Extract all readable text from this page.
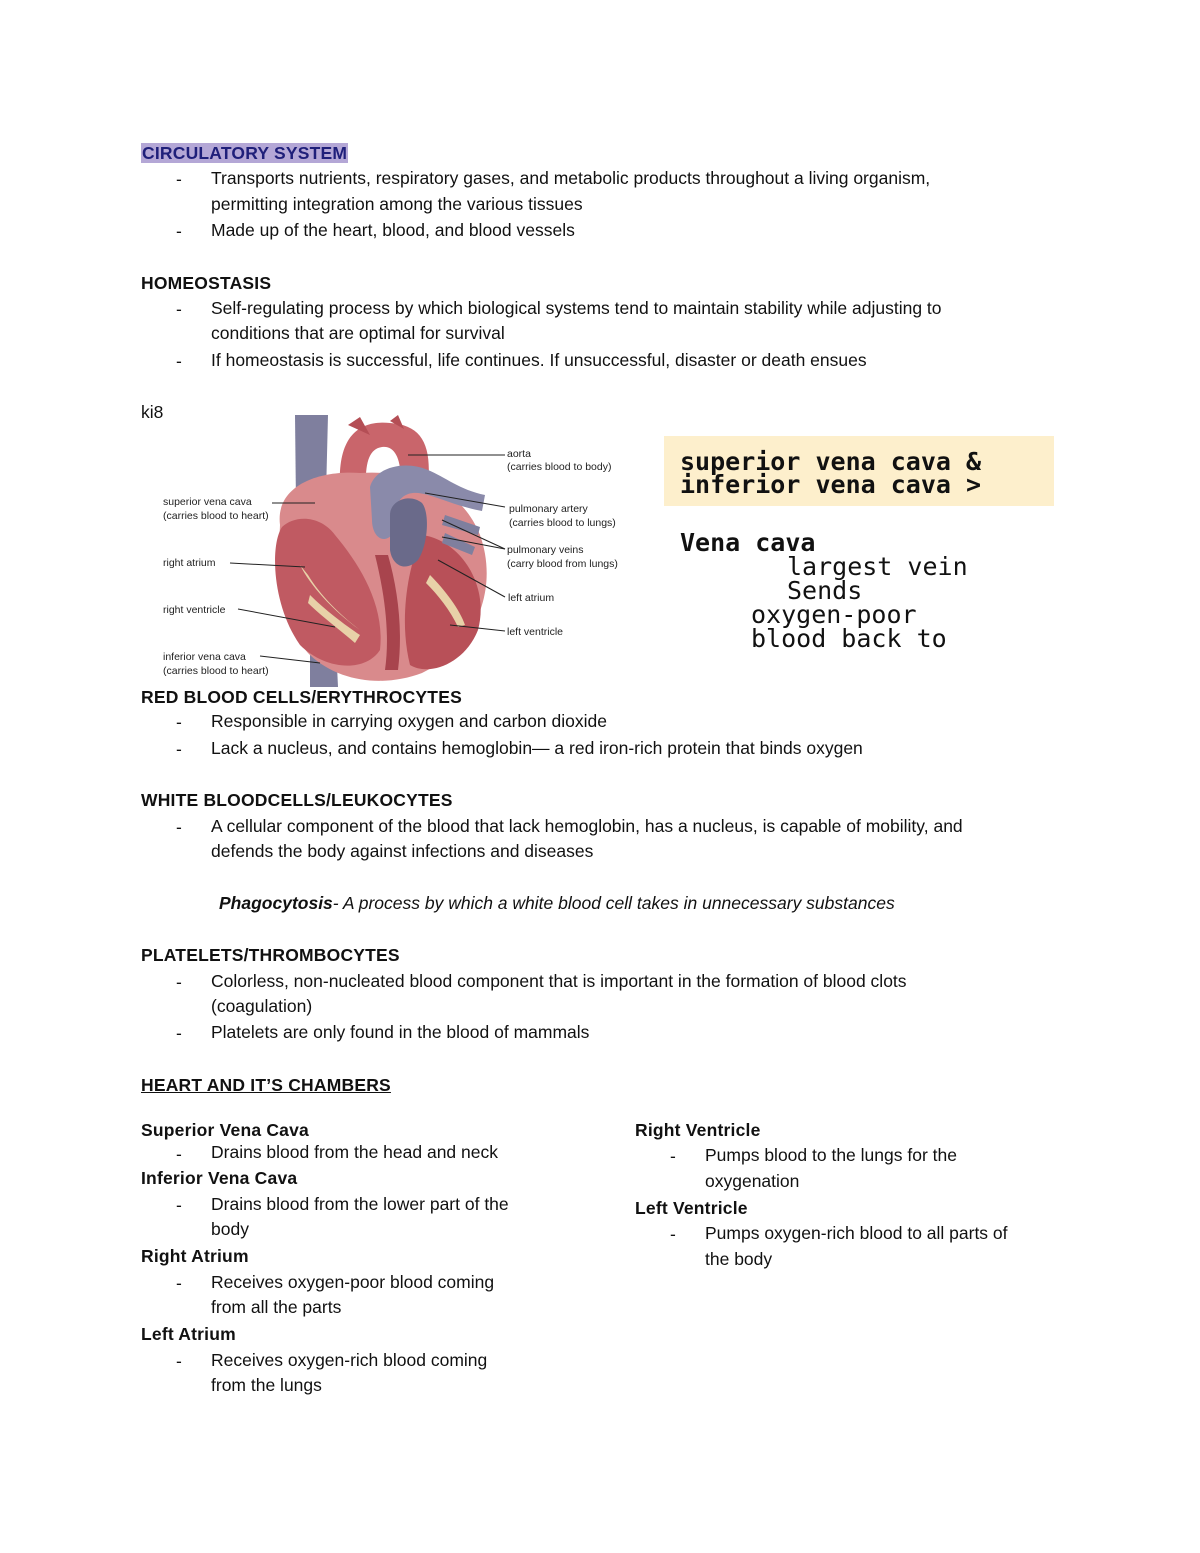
CIRCULATORY SYSTEM
- Transports nutrients, respiratory gases, and metabolic products throughout a living organism,
permitting integration among the various tissues
- Made up of the heart, blood, and blood vessels
HOMEOSTASIS
- Self-regulating process by which biological systems tend to maintain stability while adjusting to
conditions that are optimal for survival
- If homeostasis is successful, life continues. If unsuccessful, disaster or death ensues
ki8
aorta
(carries blood to body)
superior vena cava
(carries blood to heart)
pulmonary artery
(carries blood to lungs)
pulmonary veins
(carry blood from lungs)
right atrium
left atrium
right ventricle
left ventricle
inferior vena cava
(carries blood to heart)
superior vena cava &
inferior vena cava >
Vena cava
largest vein
Sends
oxygen-poor
blood back to
RED BLOOD CELLS/ERYTHROCYTES
- Responsible in carrying oxygen and carbon dioxide
- Lack a nucleus, and contains hemoglobin— a red iron-rich protein that binds oxygen
WHITE BLOODCELLS/LEUKOCYTES
- A cellular component of the blood that lack hemoglobin, has a nucleus, is capable of mobility, and
defends the body against infections and diseases
Phagocytosis- A process by which a white blood cell takes in unnecessary substances
PLATELETS/THROMBOCYTES
- Colorless, non-nucleated blood component that is important in the formation of blood clots
(coagulation)
- Platelets are only found in the blood of mammals
HEART AND IT’S CHAMBERS
Superior Vena Cava
- Drains blood from the head and neck
Inferior Vena Cava
- Drains blood from the lower part of the
body
Right Atrium
- Receives oxygen-poor blood coming
from all the parts
Left Atrium
- Receives oxygen-rich blood coming
from the lungs
Right Ventricle
- Pumps blood to the lungs for the
oxygenation
Left Ventricle
- Pumps oxygen-rich blood to all parts of
the body
